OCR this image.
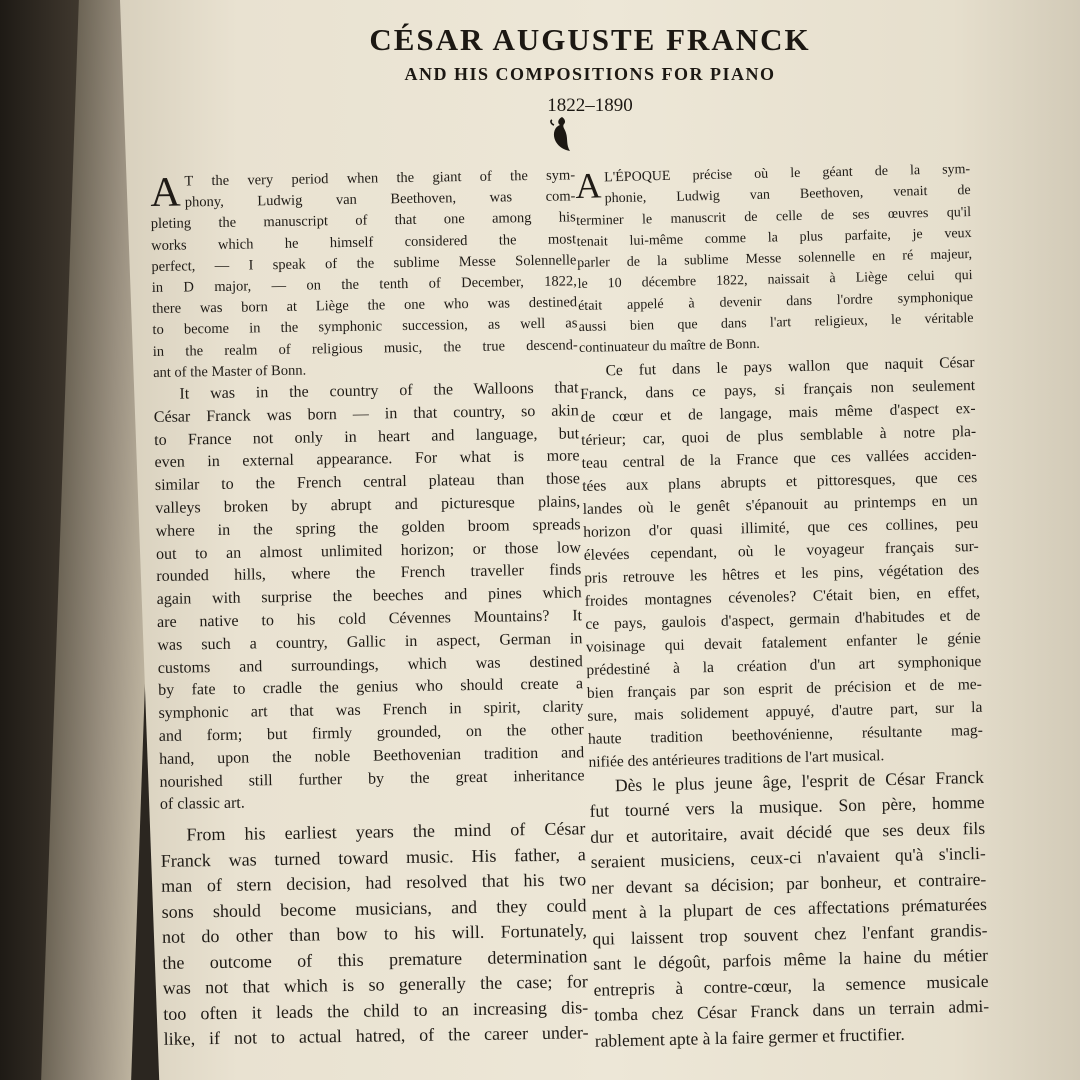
CÉSAR AUGUSTE FRANCK
AND HIS COMPOSITIONS FOR PIANO
1822–1890
A T the very period when the giant of the sym-
phony, Ludwig van Beethoven, was com-
pleting the manuscript of that one among his
works which he himself considered the most
perfect, — I speak of the sublime Messe Solennelle
in D major, — on the tenth of December, 1822,
there was born at Liège the one who was destined
to become in the symphonic succession, as well as
in the realm of religious music, the true descend-
ant of the Master of Bonn.
It was in the country of the Walloons that
César Franck was born — in that country, so akin
to France not only in heart and language, but
even in external appearance. For what is more
similar to the French central plateau than those
valleys broken by abrupt and picturesque plains,
where in the spring the golden broom spreads
out to an almost unlimited horizon; or those low
rounded hills, where the French traveller finds
again with surprise the beeches and pines which
are native to his cold Cévennes Mountains? It
was such a country, Gallic in aspect, German in
customs and surroundings, which was destined
by fate to cradle the genius who should create a
symphonic art that was French in spirit, clarity
and form; but firmly grounded, on the other
hand, upon the noble Beethovenian tradition and
nourished still further by the great inheritance
of classic art.
From his earliest years the mind of César
Franck was turned toward music. His father, a
man of stern decision, had resolved that his two
sons should become musicians, and they could
not do other than bow to his will. Fortunately,
the outcome of this premature determination
was not that which is so generally the case; for
too often it leads the child to an increasing dis-
like, if not to actual hatred, of the career under-
A L'ÉPOQUE précise où le géant de la sym-
phonie, Ludwig van Beethoven, venait de
terminer le manuscrit de celle de ses œuvres qu'il
tenait lui-même comme la plus parfaite, je veux
parler de la sublime Messe solennelle en ré majeur,
le 10 décembre 1822, naissait à Liège celui qui
était appelé à devenir dans l'ordre symphonique
aussi bien que dans l'art religieux, le véritable
continuateur du maître de Bonn.
Ce fut dans le pays wallon que naquit César
Franck, dans ce pays, si français non seulement
de cœur et de langage, mais même d'aspect ex-
térieur; car, quoi de plus semblable à notre pla-
teau central de la France que ces vallées acciden-
tées aux plans abrupts et pittoresques, que ces
landes où le genêt s'épanouit au printemps en un
horizon d'or quasi illimité, que ces collines, peu
élevées cependant, où le voyageur français sur-
pris retrouve les hêtres et les pins, végétation des
froides montagnes cévenoles? C'était bien, en effet,
ce pays, gaulois d'aspect, germain d'habitudes et de
voisinage qui devait fatalement enfanter le génie
prédestiné à la création d'un art symphonique
bien français par son esprit de précision et de me-
sure, mais solidement appuyé, d'autre part, sur la
haute tradition beethovénienne, résultante mag-
nifiée des antérieures traditions de l'art musical.
Dès le plus jeune âge, l'esprit de César Franck
fut tourné vers la musique. Son père, homme
dur et autoritaire, avait décidé que ses deux fils
seraient musiciens, ceux-ci n'avaient qu'à s'incli-
ner devant sa décision; par bonheur, et contraire-
ment à la plupart de ces affectations prématurées
qui laissent trop souvent chez l'enfant grandis-
sant le dégoût, parfois même la haine du métier
entrepris à contre-cœur, la semence musicale
tomba chez César Franck dans un terrain admi-
rablement apte à la faire germer et fructifier.
